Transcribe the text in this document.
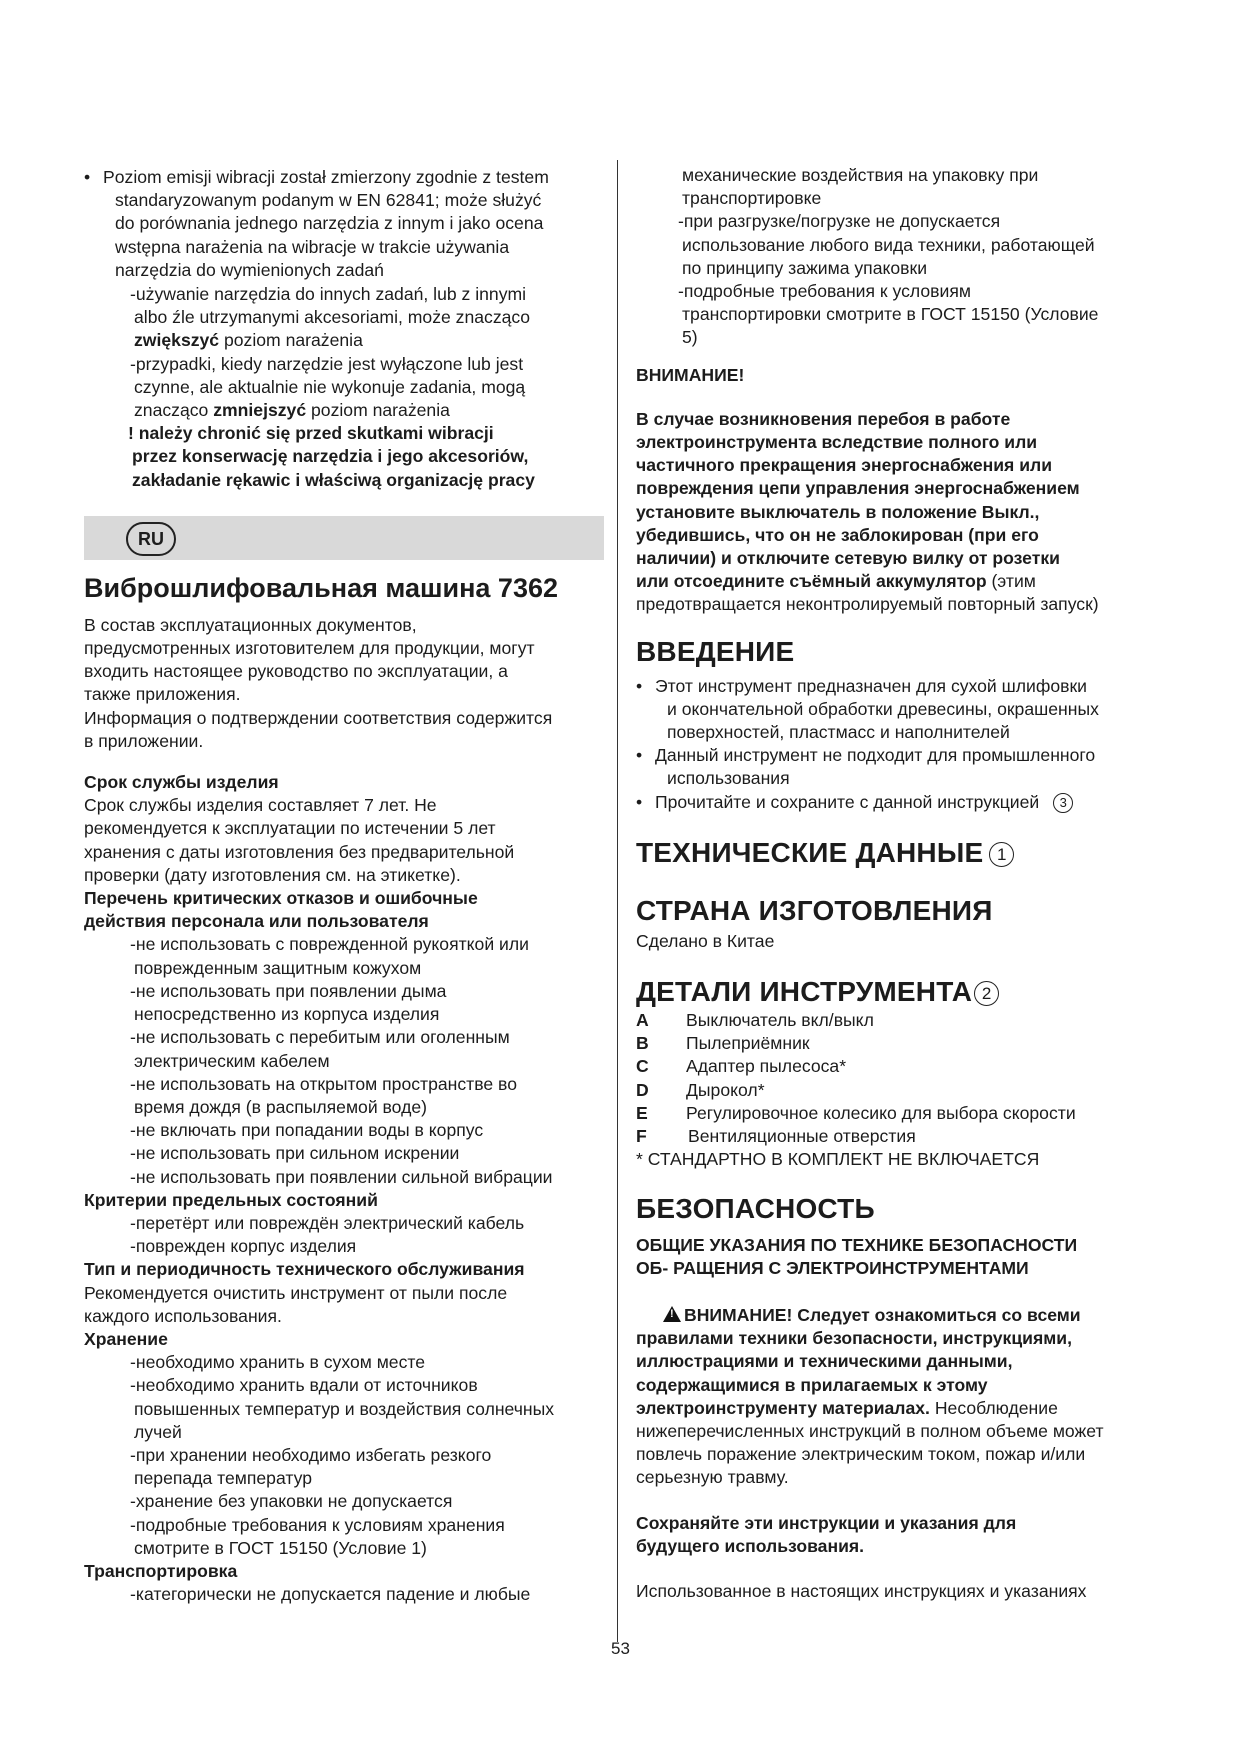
• Poziom emisji wibracji został zmierzony zgodnie z testem
standaryzowanym podanym w EN 62841; może służyć
do porównania jednego narzędzia z innym i jako ocena
wstępna narażenia na wibracje w trakcie używania
narzędzia do wymienionych zadań

-używanie narzędzia do innych zadań, lub z innymi

albo źle utrzymanymi akcesoriami, może znacząco

zwiększyć poziom narażenia

-przypadki, kiedy narzędzie jest wyłączone lub jest

czynne, ale aktualnie nie wykonuje zadania, mogą

znacząco zmniejszyć poziom narażenia

! należy chronić się przed skutkami wibracji

przez konserwację narzędzia i jego akcesoriów,

zakładanie rękawic i właściwą organizację pracy

RU
Виброшлифовальная машина 7362

В состав эксплуатационных документов,

предусмотренных изготовителем для продукции, могут

входить настоящее руководство по эксплуатации, а

также приложения.

Информация о подтверждении соответствия содержится

в приложении.

Срок службы изделия

Срок службы изделия составляет 7 лет. Не

рекомендуется к эксплуатации по истечении 5 лет

хранения с даты изготовления без предварительной

проверки (дату изготовления см. на этикетке).

Перечень критических отказов и ошибочные

действия персонала или пользователя

-не использовать с поврежденной рукояткой или

поврежденным защитным кожухом

-не использовать при появлении дыма

непосредственно из корпуса изделия

-не использовать с перебитым или оголенным

электрическим кабелем

-не использовать на открытом пространстве во

время дождя (в распыляемой воде)

-не включать при попадании воды в корпус

-не использовать при сильном искрении

-не использовать при появлении сильной вибрации

Критерии предельных состояний

-перетёрт или повреждён электрический кабель

-поврежден корпус изделия

Тип и периодичность технического обслуживания

Рекомендуется очистить инструмент от пыли после

каждого использования.

Хранение

-необходимо хранить в сухом месте

-необходимо хранить вдали от источников

повышенных температур и воздействия солнечных

лучей

-при хранении необходимо избегать резкого

перепада температур

-хранение без упаковки не допускается

-подробные требования к условиям хранения

смотрите в ГОСТ 15150 (Условие 1)

Транспортировка

-категорически не допускается падение и любые

механические воздействия на упаковку при

транспортировке

-при разгрузке/погрузке не допускается

использование любого вида техники, работающей

по принципу зажима упаковки

-подробные требования к условиям

транспортировки смотрите в ГОСТ 15150 (Условие

5)

ВНИМАНИЕ!

В случае возникновения перебоя в работе

электроинструмента вследствие полного или

частичного прекращения энергоснабжения или

повреждения цепи управления энергоснабжением

установите выключатель в положение Выкл.,

убедившись, что он не заблокирован (при его

наличии) и отключите сетевую вилку от розетки

или отсоедините съёмный аккумулятор (этим

предотвращается неконтролируемый повторный запуск)

ВВЕДЕНИЕ
• Этот инструмент предназначен для сухой шлифовки
и окончательной обработки древесины, окрашенных
поверхностей, пластмасс и наполнителей
• Данный инструмент не подходит для промышленного
использования
• Прочитайте и сохраните с данной инструкцией 3
ТЕХНИЧЕСКИЕ ДАННЫЕ 1
СТРАНА ИЗГОТОВЛЕНИЯ

Сделано в Китае

ДЕТАЛИ ИНСТРУМЕНТА 2
A	Выключатель вкл/выкл
B	Пылеприёмник
C	Адаптер пылесоса*
D	Дырокол*
E	Регулировочное колесико для выбора скорости
F	Вентиляционные отверстия

* СТАНДАРТНО В КОМПЛЕКТ НЕ ВКЛЮЧАЕТСЯ

БЕЗОПАСНОСТЬ

ОБЩИЕ УКАЗАНИЯ ПО ТЕХНИКЕ БЕЗОПАСНОСТИ

ОБ- РАЩЕНИЯ С ЭЛЕКТРОИНСТРУМЕНТАМИ

!ВНИМАНИЕ! Следует ознакомиться со всеми

правилами техники безопасности, инструкциями,

иллюстрациями и техническими данными,

содержащимися в прилагаемых к этому

электроинструменту материалах. Несоблюдение

нижеперечисленных инструкций в полном объеме может

повлечь поражение электрическим током, пожар и/или

серьезную травму.

Сохраняйте эти инструкции и указания для

будущего использования.

Использованное в настоящих инструкциях и указаниях

53
